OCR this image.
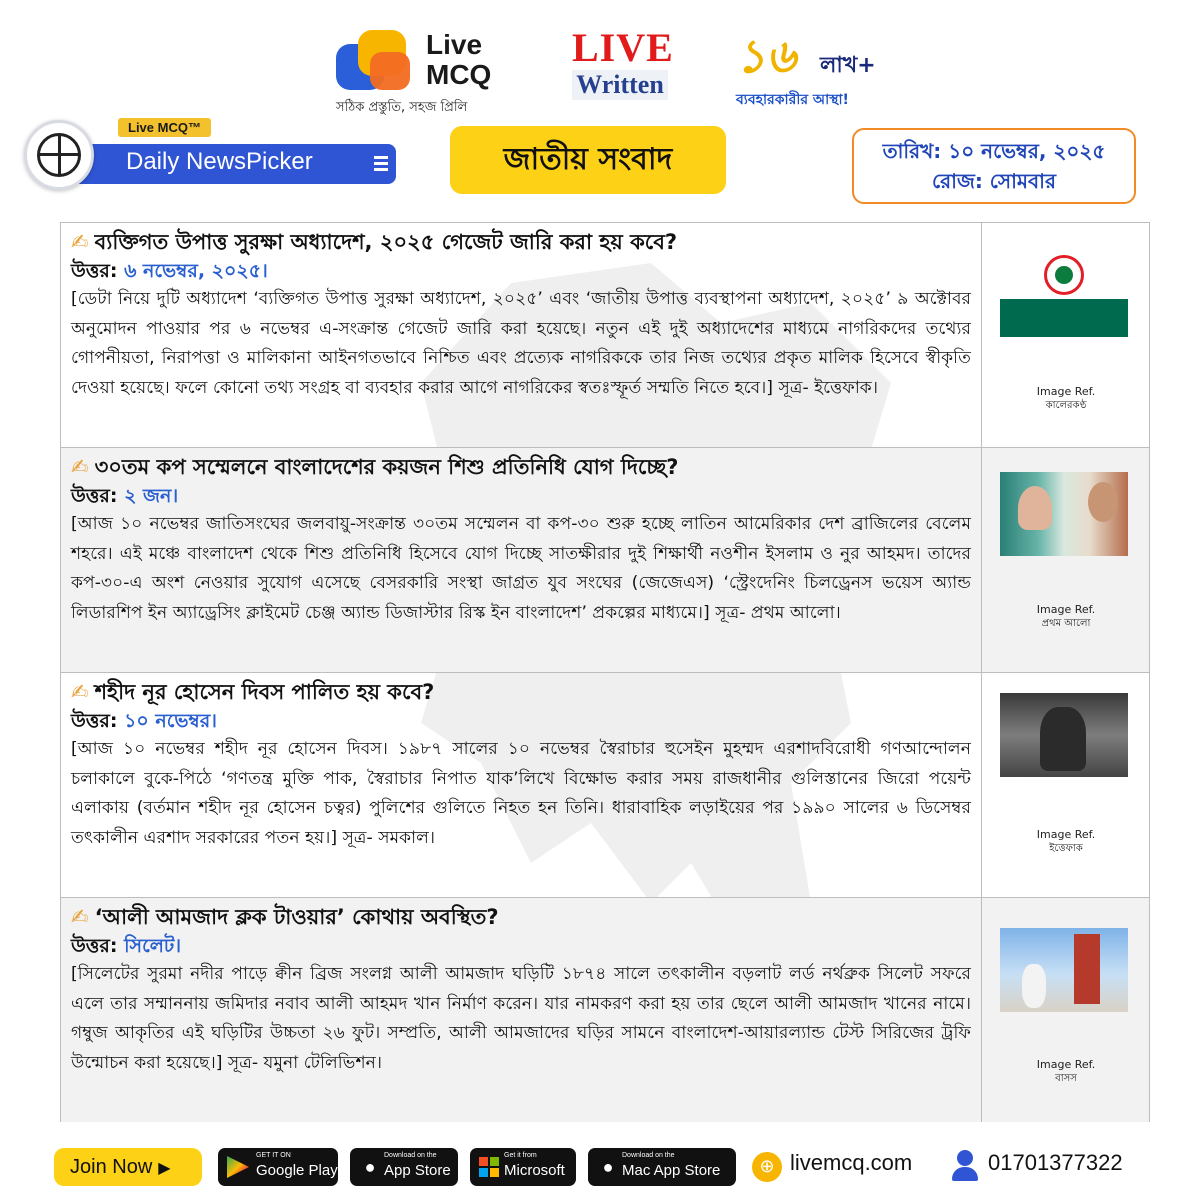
Live
MCQ
সঠিক প্রস্তুতি, সহজ প্রিলি
LIVE
Written
১৬ লাখ+
ব্যবহারকারীর আস্থা!
Daily NewsPicker
Live MCQ™
জাতীয় সংবাদ	তারিখ: ১০ নভেম্বর, ২০২৫
রোজ: সোমবার
✍ ব্যক্তিগত উপাত্ত সুরক্ষা অধ্যাদেশ, ২০২৫ গেজেট জারি করা হয় কবে?
উত্তর: ৬ নভেম্বর, ২০২৫।
[ডেটা নিয়ে দুটি অধ্যাদেশ ‘ব্যক্তিগত উপাত্ত সুরক্ষা অধ্যাদেশ, ২০২৫’ এবং ‘জাতীয় উপাত্ত ব্যবস্থাপনা অধ্যাদেশ, ২০২৫’ ৯ অক্টোবর অনুমোদন পাওয়ার পর ৬ নভেম্বর এ-সংক্রান্ত গেজেট জারি করা হয়েছে। নতুন এই দুই অধ্যাদেশের মাধ্যমে নাগরিকদের তথ্যের গোপনীয়তা, নিরাপত্তা ও মালিকানা আইনগতভাবে নিশ্চিত এবং প্রত্যেক নাগরিককে তার নিজ তথ্যের প্রকৃত মালিক হিসেবে স্বীকৃতি দেওয়া হয়েছে। ফলে কোনো তথ্য সংগ্রহ বা ব্যবহার করার আগে নাগরিকের স্বতঃস্ফূর্ত সম্মতি নিতে হবে।] সূত্র- ইত্তেফাক।	Image Ref.
কালেরকণ্ঠ
✍ ৩০তম কপ সম্মেলনে বাংলাদেশের কয়জন শিশু প্রতিনিধি যোগ দিচ্ছে?
উত্তর: ২ জন।
[আজ ১০ নভেম্বর জাতিসংঘের জলবায়ু-সংক্রান্ত ৩০তম সম্মেলন বা কপ-৩০ শুরু হচ্ছে লাতিন আমেরিকার দেশ ব্রাজিলের বেলেম শহরে। এই মঞ্চে বাংলাদেশ থেকে শিশু প্রতিনিধি হিসেবে যোগ দিচ্ছে সাতক্ষীরার দুই শিক্ষার্থী নওশীন ইসলাম ও নুর আহমদ। তাদের কপ-৩০-এ অংশ নেওয়ার সুযোগ এসেছে বেসরকারি সংস্থা জাগ্রত যুব সংঘের (জেজেএস) ‘স্ট্রেংদেনিং চিলড্রেনস ভয়েস অ্যান্ড লিডারশিপ ইন অ্যাড্রেসিং ক্লাইমেট চেঞ্জ অ্যান্ড ডিজাস্টার রিস্ক ইন বাংলাদেশ’ প্রকল্পের মাধ্যমে।] সূত্র- প্রথম আলো।	Image Ref.
প্রথম আলো
✍ শহীদ নূর হোসেন দিবস পালিত হয় কবে?
উত্তর: ১০ নভেম্বর।
[আজ ১০ নভেম্বর শহীদ নূর হোসেন দিবস। ১৯৮৭ সালের ১০ নভেম্বর স্বৈরাচার হুসেইন মুহম্মদ এরশাদবিরোধী গণআন্দোলন চলাকালে বুকে-পিঠে ‘গণতন্ত্র মুক্তি পাক, স্বৈরাচার নিপাত যাক’লিখে বিক্ষোভ করার সময় রাজধানীর গুলিস্তানের জিরো পয়েন্ট এলাকায় (বর্তমান শহীদ নূর হোসেন চত্বর) পুলিশের গুলিতে নিহত হন তিনি। ধারাবাহিক লড়াইয়ের পর ১৯৯০ সালের ৬ ডিসেম্বর তৎকালীন এরশাদ সরকারের পতন হয়।] সূত্র- সমকাল।	Image Ref.
ইত্তেফাক
✍ ‘আলী আমজাদ ক্লক টাওয়ার’ কোথায় অবস্থিত?
উত্তর: সিলেট।
[সিলেটের সুরমা নদীর পাড়ে ক্বীন ব্রিজ সংলগ্ন আলী আমজাদ ঘড়িটি ১৮৭৪ সালে তৎকালীন বড়লাট লর্ড নর্থব্রুক সিলেট সফরে এলে তার সম্মাননায় জমিদার নবাব আলী আহমদ খান নির্মাণ করেন। যার নামকরণ করা হয় তার ছেলে আলী আমজাদ খানের নামে। গম্বুজ আকৃতির এই ঘড়িটির উচ্চতা ২৬ ফুট। সম্প্রতি, আলী আমজাদের ঘড়ির সামনে বাংলাদেশ-আয়ারল্যান্ড টেস্ট সিরিজের ট্রফি উন্মোচন করা হয়েছে।] সূত্র- যমুনা টেলিভিশন।	Image Ref.
বাসস
Join Now ▶
GET IT ON
Google Play	●
Download on the
App Store
Get it from
Microsoft	●
Download on the
Mac App Store	⊕ livemcq.com	01701377322
